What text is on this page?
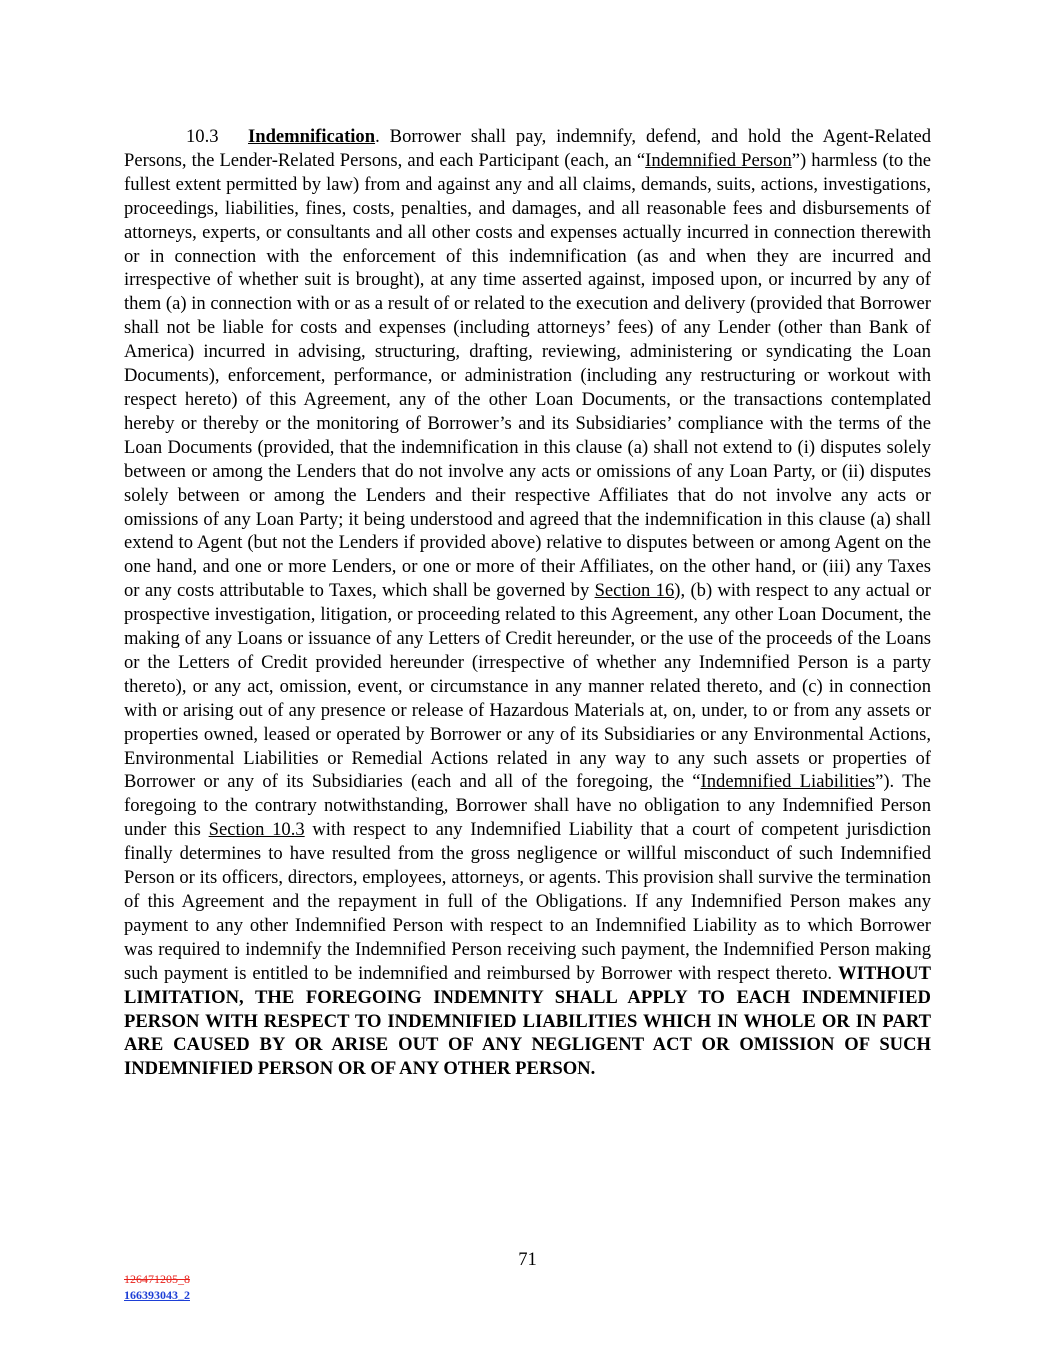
10.3 Indemnification. Borrower shall pay, indemnify, defend, and hold the Agent-Related Persons, the Lender-Related Persons, and each Participant (each, an “Indemnified Person”) harmless (to the fullest extent permitted by law) from and against any and all claims, demands, suits, actions, investigations, proceedings, liabilities, fines, costs, penalties, and damages, and all reasonable fees and disbursements of attorneys, experts, or consultants and all other costs and expenses actually incurred in connection therewith or in connection with the enforcement of this indemnification (as and when they are incurred and irrespective of whether suit is brought), at any time asserted against, imposed upon, or incurred by any of them (a) in connection with or as a result of or related to the execution and delivery (provided that Borrower shall not be liable for costs and expenses (including attorneys’ fees) of any Lender (other than Bank of America) incurred in advising, structuring, drafting, reviewing, administering or syndicating the Loan Documents), enforcement, performance, or administration (including any restructuring or workout with respect hereto) of this Agreement, any of the other Loan Documents, or the transactions contemplated hereby or thereby or the monitoring of Borrower’s and its Subsidiaries’ compliance with the terms of the Loan Documents (provided, that the indemnification in this clause (a) shall not extend to (i) disputes solely between or among the Lenders that do not involve any acts or omissions of any Loan Party, or (ii) disputes solely between or among the Lenders and their respective Affiliates that do not involve any acts or omissions of any Loan Party; it being understood and agreed that the indemnification in this clause (a) shall extend to Agent (but not the Lenders if provided above) relative to disputes between or among Agent on the one hand, and one or more Lenders, or one or more of their Affiliates, on the other hand, or (iii) any Taxes or any costs attributable to Taxes, which shall be governed by Section 16), (b) with respect to any actual or prospective investigation, litigation, or proceeding related to this Agreement, any other Loan Document, the making of any Loans or issuance of any Letters of Credit hereunder, or the use of the proceeds of the Loans or the Letters of Credit provided hereunder (irrespective of whether any Indemnified Person is a party thereto), or any act, omission, event, or circumstance in any manner related thereto, and (c) in connection with or arising out of any presence or release of Hazardous Materials at, on, under, to or from any assets or properties owned, leased or operated by Borrower or any of its Subsidiaries or any Environmental Actions, Environmental Liabilities or Remedial Actions related in any way to any such assets or properties of Borrower or any of its Subsidiaries (each and all of the foregoing, the “Indemnified Liabilities”). The foregoing to the contrary notwithstanding, Borrower shall have no obligation to any Indemnified Person under this Section 10.3 with respect to any Indemnified Liability that a court of competent jurisdiction finally determines to have resulted from the gross negligence or willful misconduct of such Indemnified Person or its officers, directors, employees, attorneys, or agents. This provision shall survive the termination of this Agreement and the repayment in full of the Obligations. If any Indemnified Person makes any payment to any other Indemnified Person with respect to an Indemnified Liability as to which Borrower was required to indemnify the Indemnified Person receiving such payment, the Indemnified Person making such payment is entitled to be indemnified and reimbursed by Borrower with respect thereto. WITHOUT LIMITATION, THE FOREGOING INDEMNITY SHALL APPLY TO EACH INDEMNIFIED PERSON WITH RESPECT TO INDEMNIFIED LIABILITIES WHICH IN WHOLE OR IN PART ARE CAUSED BY OR ARISE OUT OF ANY NEGLIGENT ACT OR OMISSION OF SUCH INDEMNIFIED PERSON OR OF ANY OTHER PERSON.

71
126471205_8
166393043_2
